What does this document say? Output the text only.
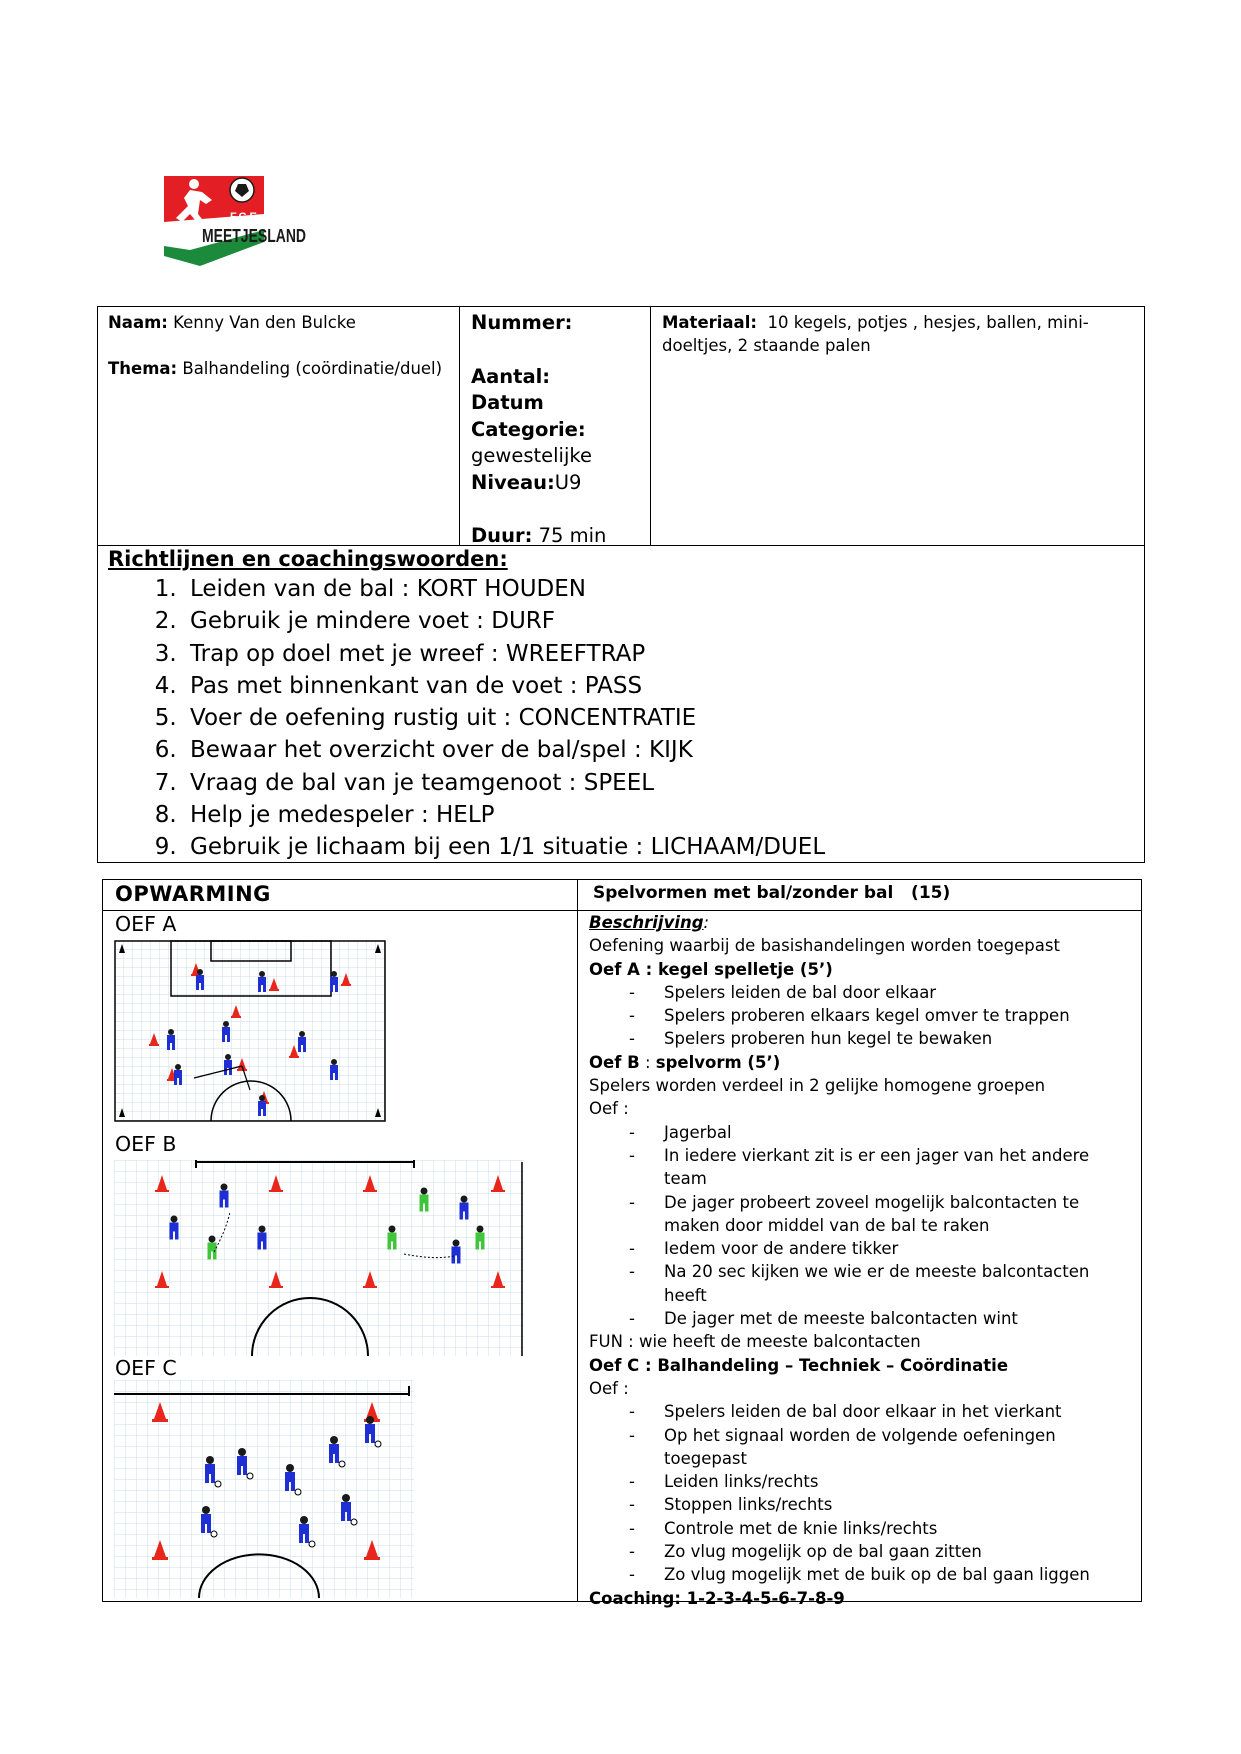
F.C.E.
MEETJESLAND
Naam: Kenny Van den Bulcke
Thema: Balhandeling (coördinatie/duel)
Nummer:
Aantal:
Datum
Categorie:
gewestelijke
Niveau:U9
Duur: 75 min
Materiaal: 10 kegels, potjes , hesjes, ballen, mini-doeltjes, 2 staande palen
Richtlijnen en coachingswoorden:
1. Leiden van de bal : KORT HOUDEN
2. Gebruik je mindere voet : DURF
3. Trap op doel met je wreef : WREEFTRAP
4. Pas met binnenkant van de voet : PASS
5. Voer de oefening rustig uit : CONCENTRATIE
6. Bewaar het overzicht over de bal/spel : KIJK
7. Vraag de bal van je teamgenoot : SPEEL
8. Help je medespeler : HELP
9. Gebruik je lichaam bij een 1/1 situatie : LICHAAM/DUEL
OPWARMING	Spelvormen met bal/zonder bal   (15)
OEF A
OEF B
OEF C
Beschrijving:
Oefening waarbij de basishandelingen worden toegepast
Oef A : kegel spelletje (5’)
- Spelers leiden de bal door elkaar
- Spelers proberen elkaars kegel omver te trappen
- Spelers proberen hun kegel te bewaken
Oef B : spelvorm (5’)
Spelers worden verdeel in 2 gelijke homogene groepen
Oef :
- Jagerbal
- In iedere vierkant zit is er een jager van het andere team
- De jager probeert zoveel mogelijk balcontacten te maken door middel van de bal te raken
- Iedem voor de andere tikker
- Na 20 sec kijken we wie er de meeste balcontacten heeft
- De jager met de meeste balcontacten wint
FUN : wie heeft de meeste balcontacten
Oef C : Balhandeling – Techniek – Coördinatie
Oef :
- Spelers leiden de bal door elkaar in het vierkant
- Op het signaal worden de volgende oefeningen toegepast
- Leiden links/rechts
- Stoppen links/rechts
- Controle met de knie links/rechts
- Zo vlug mogelijk op de bal gaan zitten
- Zo vlug mogelijk met de buik op de bal gaan liggen
Coaching: 1-2-3-4-5-6-7-8-9
